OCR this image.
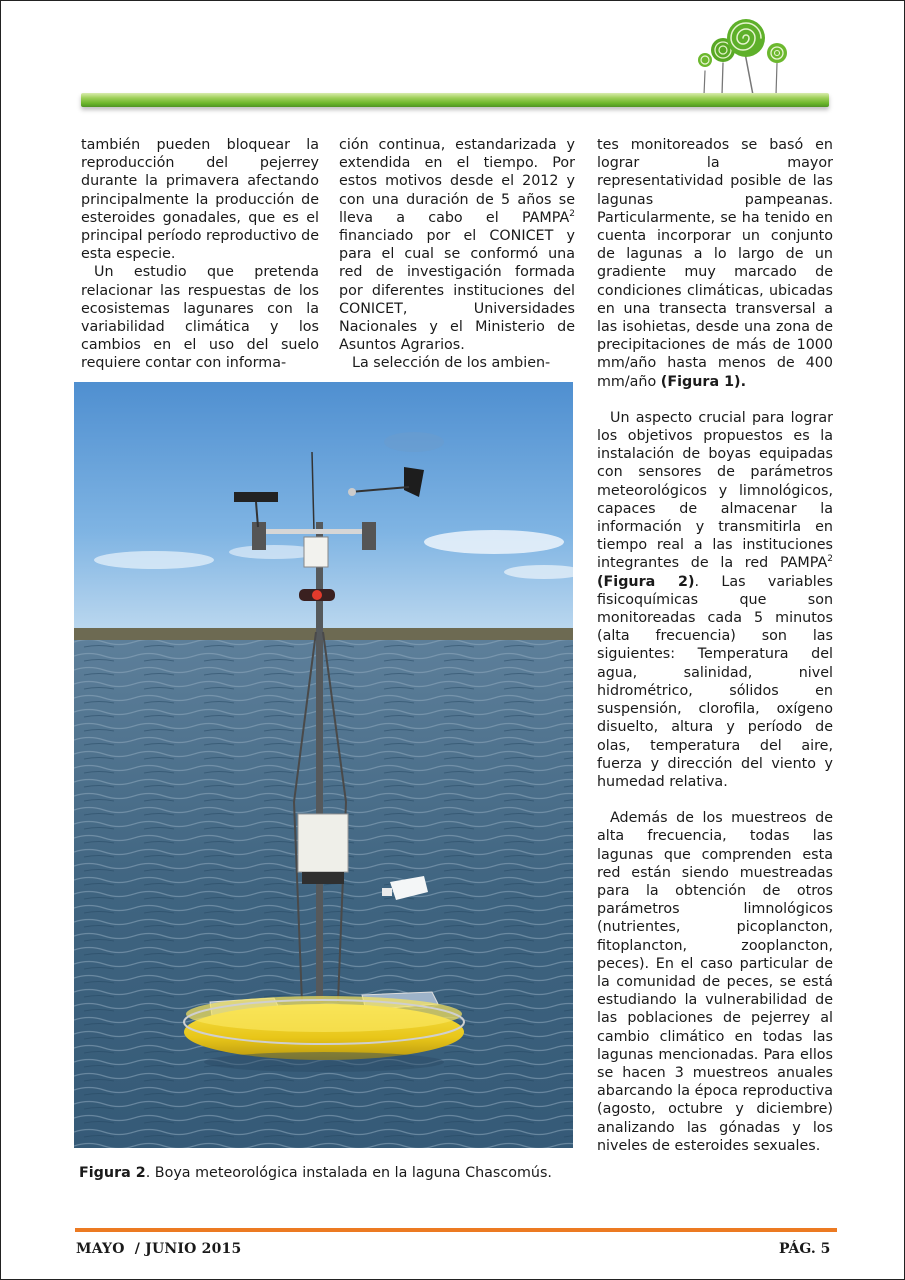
también pueden bloquear la reproducción del pejerrey durante la primavera afectando principalmente la producción de esteroides gonadales, que es el principal período reproductivo de esta especie.

Un estudio que pretenda relacionar las respuestas de los ecosistemas lagunares con la variabilidad climática y los cambios en el uso del suelo requiere contar con informa-

ción continua, estandarizada y extendida en el tiempo. Por estos motivos desde el 2012 y con una duración de 5 años se lleva a cabo el PAMPA$^2$ financiado por el CONICET y para el cual se conformó una red de investigación formada por diferentes instituciones del CONICET, Universidades Nacionales y el Ministerio de Asuntos Agrarios.

La selección de los ambien-

tes monitoreados se basó en lograr la mayor representatividad posible de las lagunas pampeanas. Particularmente, se ha tenido en cuenta incorporar un conjunto de lagunas a lo largo de un gradiente muy marcado de condiciones climáticas, ubicadas en una transecta transversal a las isohietas, desde una zona de precipitaciones de más de 1000 mm/año hasta menos de 400 mm/año (Figura 1).

Un aspecto crucial para lograr los objetivos propuestos es la instalación de boyas equipadas con sensores de parámetros meteorológicos y limnológicos, capaces de almacenar la información y transmitirla en tiempo real a las instituciones integrantes de la red PAMPA$^2$ (Figura 2). Las variables fisicoquímicas que son monitoreadas cada 5 minutos (alta frecuencia) son las siguientes: Temperatura del agua, salinidad, nivel hidrométrico, sólidos en suspensión, clorofila, oxígeno disuelto, altura y período de olas, temperatura del aire, fuerza y dirección del viento y humedad relativa.

Además de los muestreos de alta frecuencia, todas las lagunas que comprenden esta red están siendo muestreadas para la obtención de otros parámetros limnológicos (nutrientes, picoplancton, fitoplancton, zooplancton, peces). En el caso particular de la comunidad de peces, se está estudiando la vulnerabilidad de las poblaciones de pejerrey al cambio climático en todas las lagunas mencionadas. Para ellos se hacen 3 muestreos anuales abarcando la época reproductiva (agosto, octubre y diciembre) analizando las gónadas y los niveles de esteroides sexuales.

Figura 2. Boya meteorológica instalada en la laguna Chascomús.
MAYO  / JUNIO 2015	PÁG. 5
